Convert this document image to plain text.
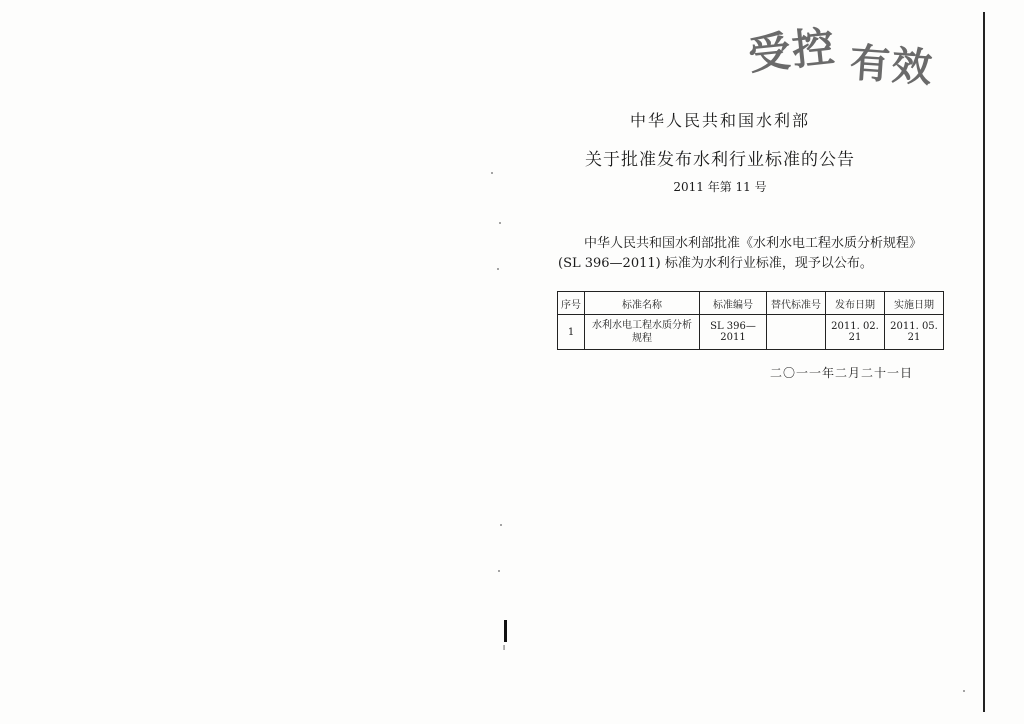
受控 有效
中华人民共和国水利部
关于批准发布水利行业标准的公告
2011 年第 11 号
中华人民共和国水利部批准《水利水电工程水质分析规程》
(SL 396—2011) 标准为水利行业标准，现予以公布。
序号	标准名称	标准编号	替代标准号	发布日期	实施日期
1	水利水电工程水质分析规程	SL 396—2011		2011. 02. 21	2011. 05. 21
二〇一一年二月二十一日
I
